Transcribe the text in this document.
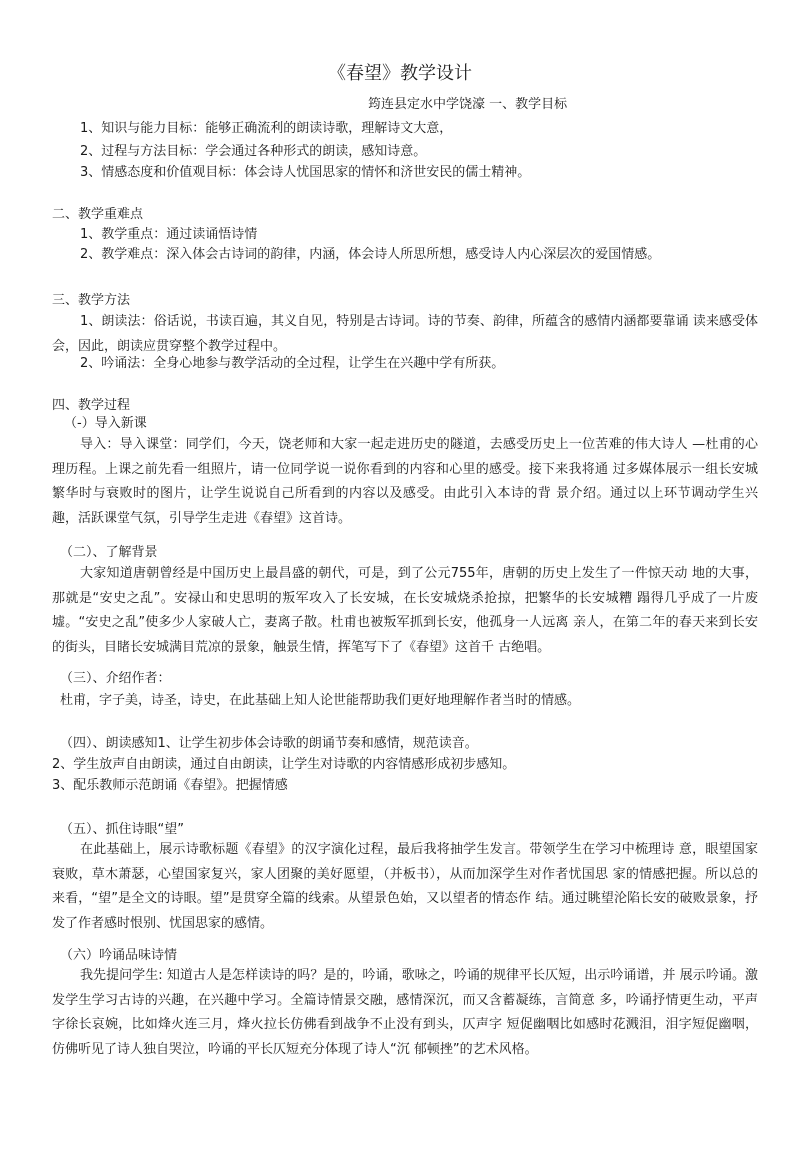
《春望》教学设计
筠连县定水中学饶濠 一、教学目标
1、知识与能力目标：能够正确流利的朗读诗歌，理解诗文大意，
2、过程与方法目标：学会通过各种形式的朗读，感知诗意。
3、情感态度和价值观目标：体会诗人忧国思家的情怀和济世安民的儒士精神。
二、教学重难点
1、教学重点：通过读诵悟诗情
2、教学难点：深入体会古诗词的韵律，内涵，体会诗人所思所想，感受诗人内心深层次的爱国情感。
三、教学方法
1、朗读法：俗话说，书读百遍，其义自见，特别是古诗词。诗的节奏、韵律，所蕴含的感情内涵都要靠诵 读来感受体会，因此，朗读应贯穿整个教学过程中。
2、吟诵法：全身心地参与教学活动的全过程，让学生在兴趣中学有所获。
四、教学过程
（-）导入新课
导入：导入课堂：同学们，今天，饶老师和大家一起走进历史的隧道，去感受历史上一位苦难的伟大诗人 —杜甫的心理历程。上课之前先看一组照片，请一位同学说一说你看到的内容和心里的感受。接下来我将通 过多媒体展示一组长安城繁华时与衰败时的图片，让学生说说自己所看到的内容以及感受。由此引入本诗的背 景介绍。通过以上环节调动学生兴趣，活跃课堂气氛，引导学生走进《春望》这首诗。
（二）、了解背景
大家知道唐朝曾经是中国历史上最昌盛的朝代，可是，到了公元755年，唐朝的历史上发生了一件惊天动 地的大事，那就是“安史之乱”。安禄山和史思明的叛军攻入了长安城，在长安城烧杀抢掠，把繁华的长安城糟 蹋得几乎成了一片废墟。“安史之乱”使多少人家破人亡，妻离子散。杜甫也被叛军抓到长安，他孤身一人远离 亲人，在第二年的春天来到长安的街头，目睹长安城满目荒凉的景象，触景生情，挥笔写下了《春望》这首千 古绝唱。
（三）、介绍作者：
杜甫，字子美，诗圣，诗史，在此基础上知人论世能帮助我们更好地理解作者当时的情感。
（四）、朗读感知1、让学生初步体会诗歌的朗诵节奏和感情，规范读音。
2、学生放声自由朗读，通过自由朗读，让学生对诗歌的内容情感形成初步感知。
3、配乐教师示范朗诵《春望》。把握情感
（五）、抓住诗眼“望”
在此基础上，展示诗歌标题《春望》的汉字演化过程，最后我将抽学生发言。带领学生在学习中梳理诗 意，眼望国家衰败，草木萧瑟，心望国家复兴，家人团聚的美好愿望，（并板书），从而加深学生对作者忧国思 家的情感把握。所以总的来看，“望”是全文的诗眼。望”是贯穿全篇的线索。从望景色始，又以望者的情态作 结。通过眺望沦陷长安的破败景象，抒发了作者感时恨别、忧国思家的感情。
（六）吟诵品味诗情
我先提问学生: 知道古人是怎样读诗的吗？是的，吟诵，歌咏之，吟诵的规律平长仄短，出示吟诵谱，并 展示吟诵。激发学生学习古诗的兴趣，在兴趣中学习。全篇诗情景交融，感情深沉，而又含蓄凝练，言简意 多，吟诵抒情更生动，平声字徐长哀婉，比如烽火连三月，烽火拉长仿佛看到战争不止没有到头，仄声字 短促幽咽比如感时花溅泪，泪字短促幽咽，仿佛听见了诗人独自哭泣，吟诵的平长仄短充分体现了诗人“沉 郁顿挫”的艺术风格。
